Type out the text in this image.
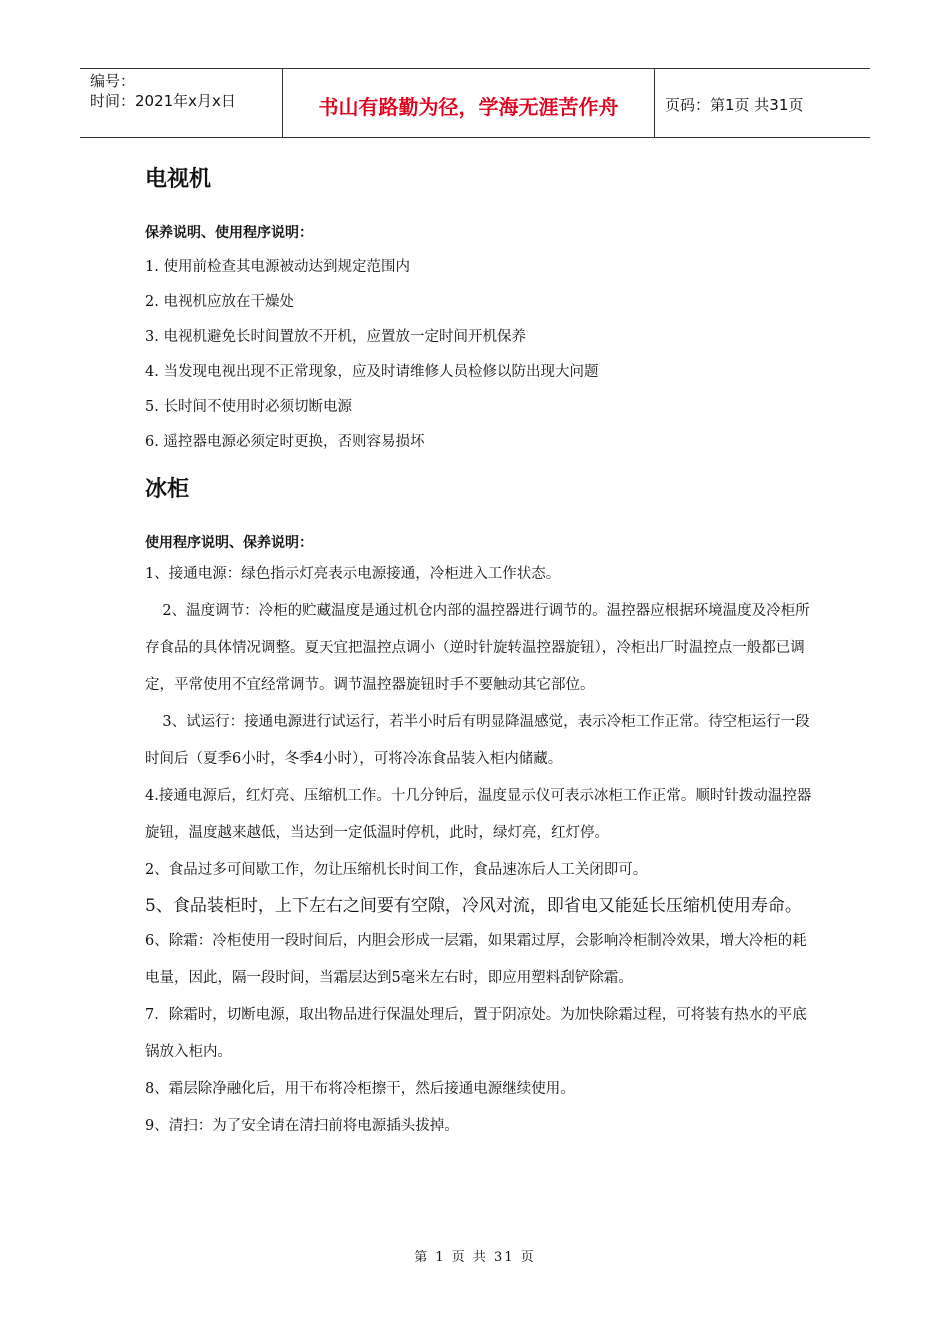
编号：
时间：2021年x月x日	书山有路勤为径，学海无涯苦作舟	页码：第1页 共31页
电视机

保养说明、使用程序说明：

1. 使用前检查其电源被动达到规定范围内

2. 电视机应放在干燥处

3. 电视机避免长时间置放不开机，应置放一定时间开机保养

4. 当发现电视出现不正常现象，应及时请维修人员检修以防出现大问题

5. 长时间不使用时必须切断电源

6. 遥控器电源必须定时更换，否则容易损坏

冰柜

使用程序说明、保养说明：

1、接通电源：绿色指示灯亮表示电源接通，冷柜进入工作状态。

2、温度调节：冷柜的贮藏温度是通过机仓内部的温控器进行调节的。温控器应根据环境温度及冷柜所存食品的具体情况调整。夏天宜把温控点调小（逆时针旋转温控器旋钮），冷柜出厂时温控点一般都已调定，平常使用不宜经常调节。调节温控器旋钮时手不要触动其它部位。

3、试运行：接通电源进行试运行，若半小时后有明显降温感觉，表示冷柜工作正常。待空柜运行一段时间后（夏季6小时，冬季4小时），可将冷冻食品装入柜内储藏。

4.接通电源后，红灯亮、压缩机工作。十几分钟后，温度显示仪可表示冰柜工作正常。顺时针拨动温控器旋钮，温度越来越低，当达到一定低温时停机，此时，绿灯亮，红灯停。

2、食品过多可间歇工作，勿让压缩机长时间工作，食品速冻后人工关闭即可。

5、食品装柜时，上下左右之间要有空隙，冷风对流，即省电又能延长压缩机使用寿命。

6、除霜：冷柜使用一段时间后，内胆会形成一层霜，如果霜过厚，会影响冷柜制冷效果，增大冷柜的耗电量，因此，隔一段时间，当霜层达到5毫米左右时，即应用塑料刮铲除霜。

7．除霜时，切断电源，取出物品进行保温处理后，置于阴凉处。为加快除霜过程，可将装有热水的平底锅放入柜内。

8、霜层除净融化后，用干布将冷柜擦干，然后接通电源继续使用。

9、清扫：为了安全请在清扫前将电源插头拔掉。

第 1 页 共 31 页
